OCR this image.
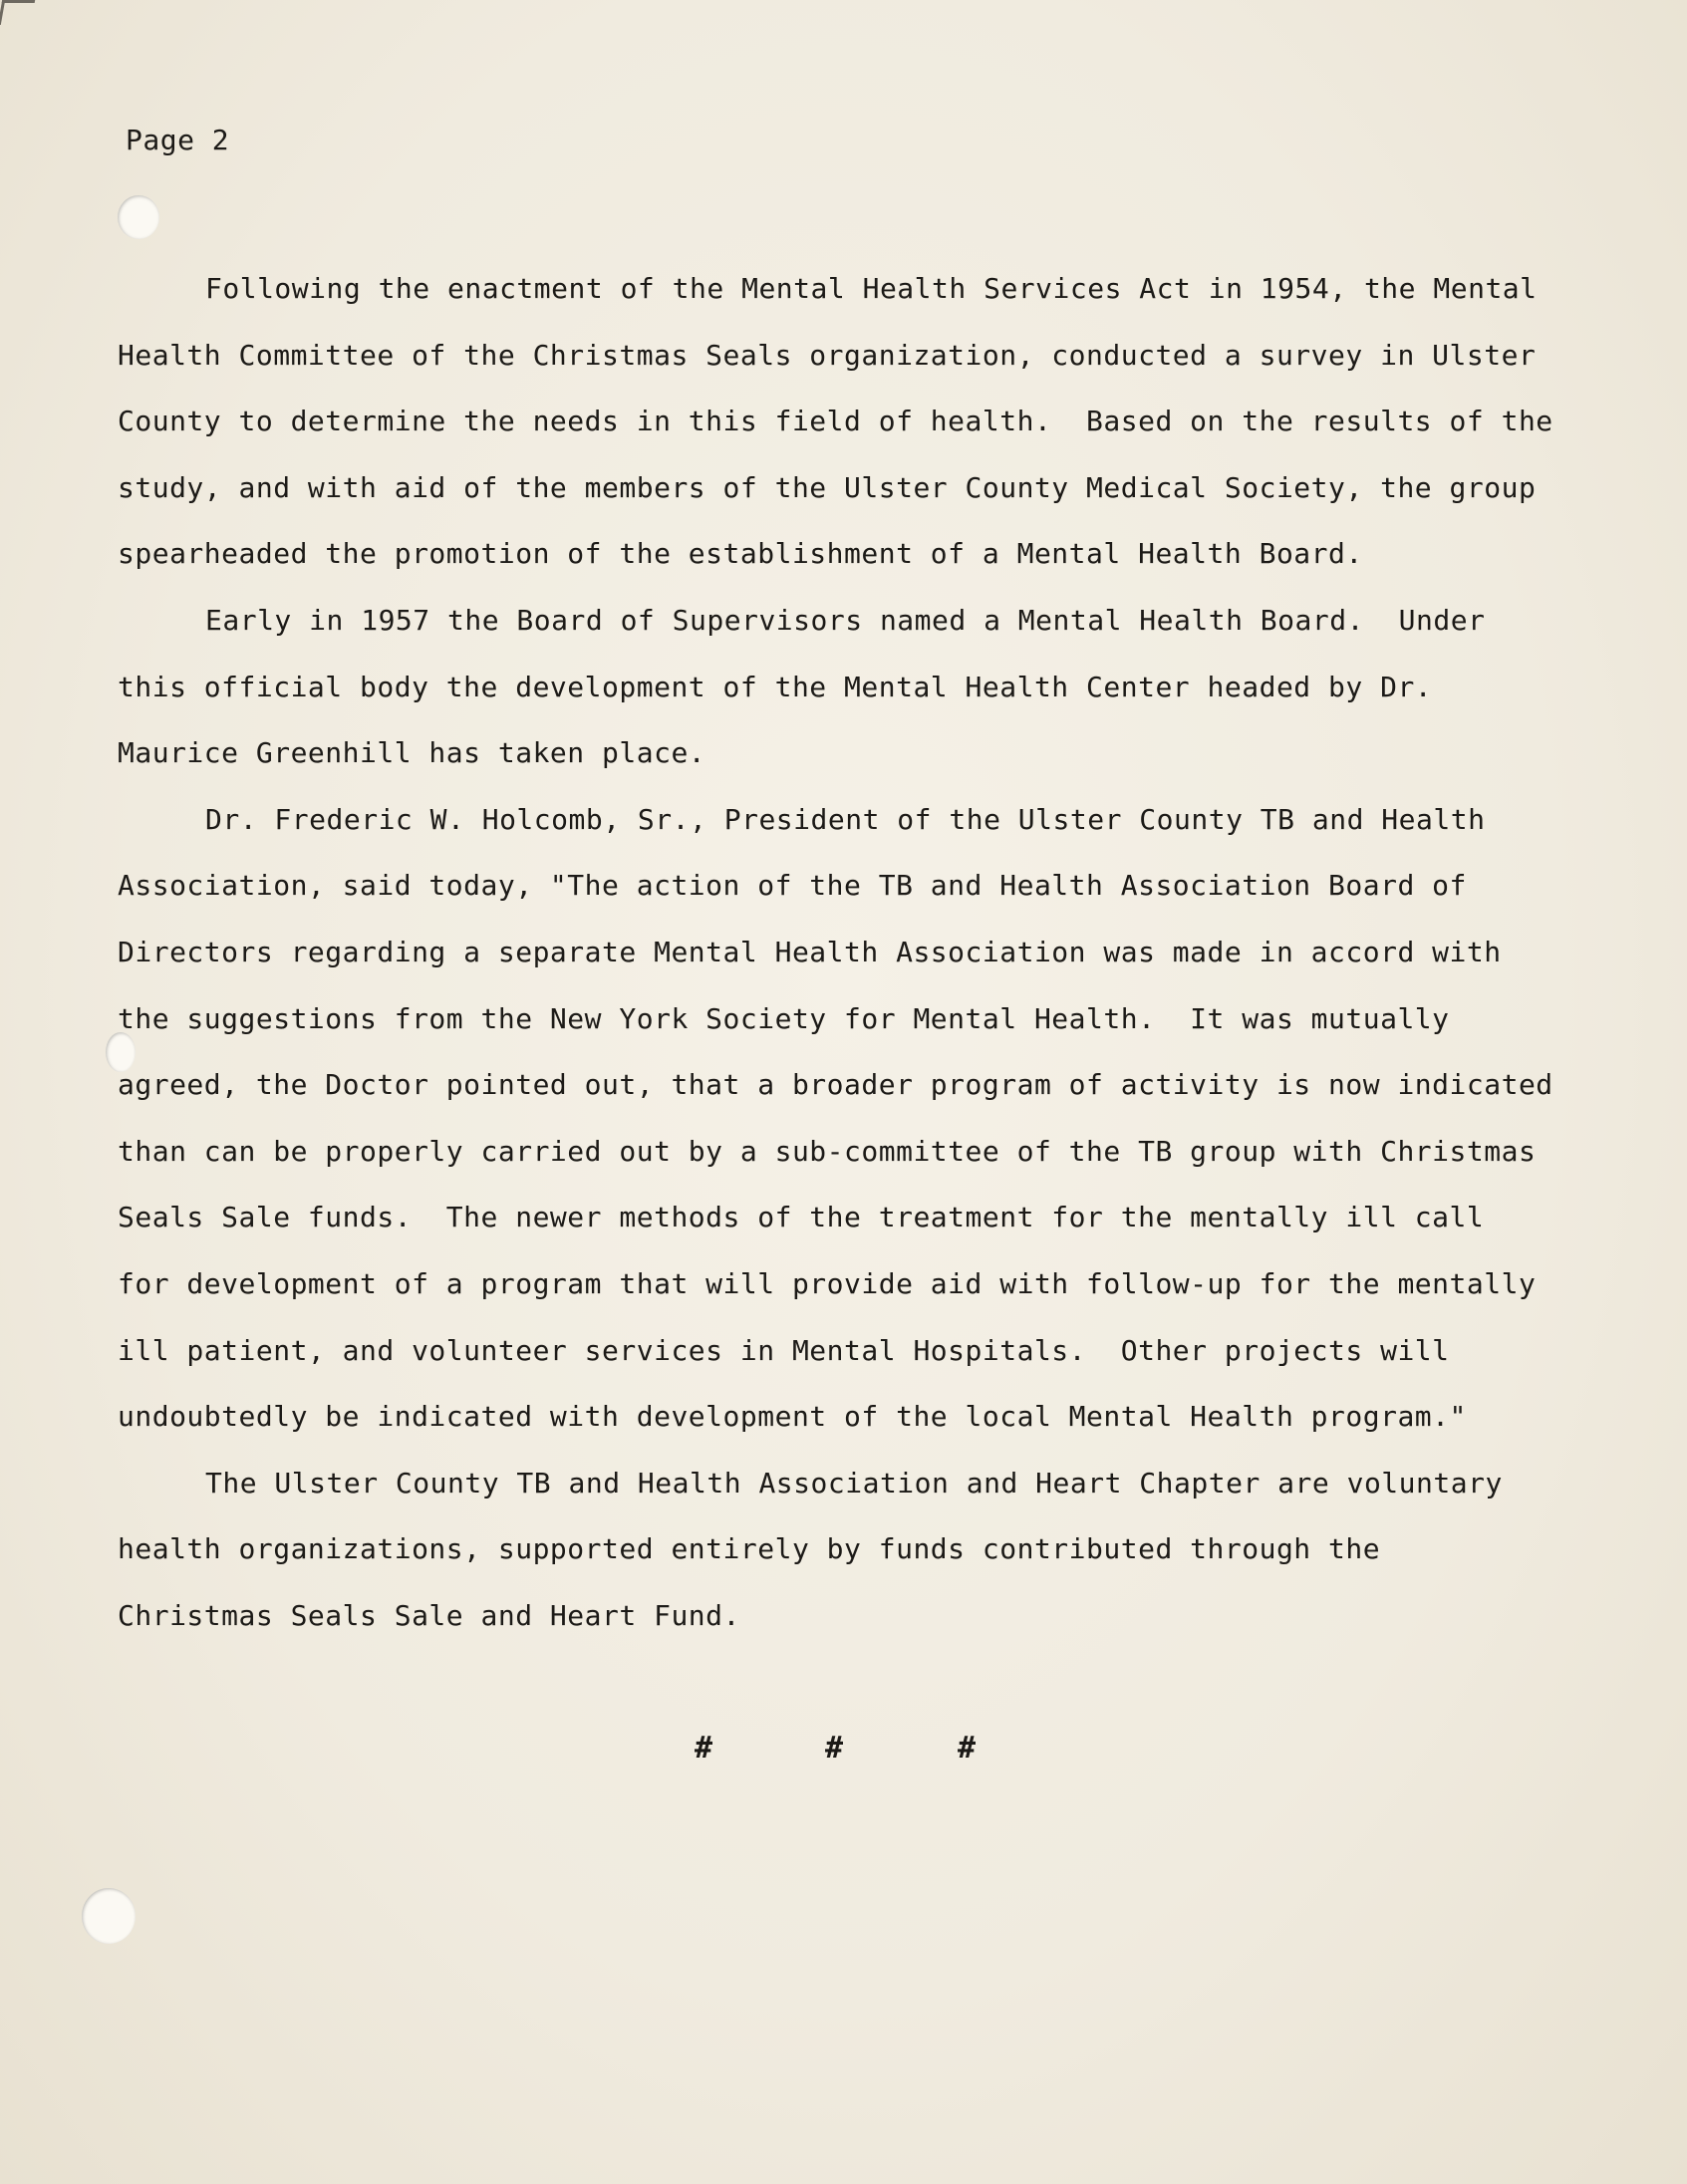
Page 2
Following the enactment of the Mental Health Services Act in 1954, the Mental
Health Committee of the Christmas Seals organization, conducted a survey in Ulster
County to determine the needs in this field of health.  Based on the results of the
study, and with aid of the members of the Ulster County Medical Society, the group
spearheaded the promotion of the establishment of a Mental Health Board.
Early in 1957 the Board of Supervisors named a Mental Health Board.  Under
this official body the development of the Mental Health Center headed by Dr.
Maurice Greenhill has taken place.
Dr. Frederic W. Holcomb, Sr., President of the Ulster County TB and Health
Association, said today, "The action of the TB and Health Association Board of
Directors regarding a separate Mental Health Association was made in accord with
the suggestions from the New York Society for Mental Health.  It was mutually
agreed, the Doctor pointed out, that a broader program of activity is now indicated
than can be properly carried out by a sub-committee of the TB group with Christmas
Seals Sale funds.  The newer methods of the treatment for the mentally ill call
for development of a program that will provide aid with follow-up for the mentally
ill patient, and volunteer services in Mental Hospitals.  Other projects will
undoubtedly be indicated with development of the local Mental Health program."
The Ulster County TB and Health Association and Heart Chapter are voluntary
health organizations, supported entirely by funds contributed through the
Christmas Seals Sale and Heart Fund.
#	#	#
